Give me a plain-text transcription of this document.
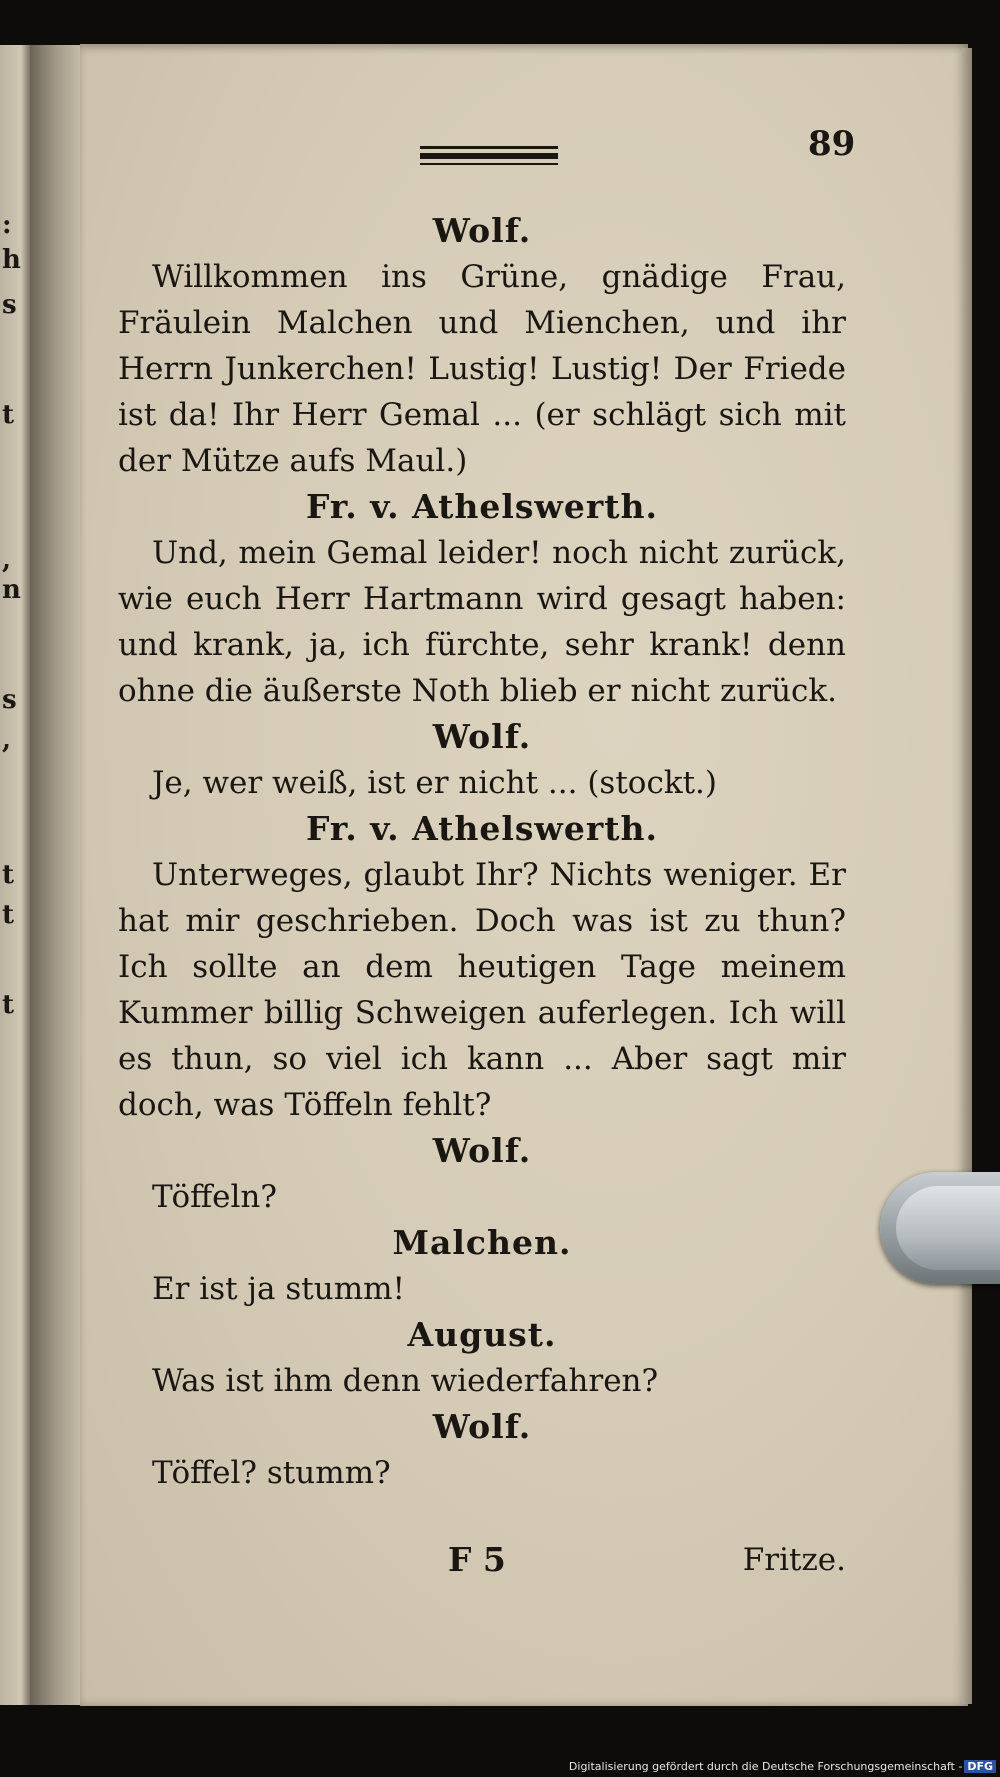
:
h
s
t
,
n
s
,
t
t
t
89
Wolf.
Willkommen ins Grüne, gnädige Frau, Fräulein Malchen und Mienchen, und ihr Herrn Junkerchen! Lustig! Lustig! Der Friede ist da! Ihr Herr Gemal ... (er schlägt sich mit der Mütze aufs Maul.)
Fr. v. Athelswerth.
Und, mein Gemal leider! noch nicht zurück, wie euch Herr Hartmann wird gesagt haben: und krank, ja, ich fürchte, sehr krank! denn ohne die äußerste Noth blieb er nicht zurück.
Wolf.
Je, wer weiß, ist er nicht ... (stockt.)
Fr. v. Athelswerth.
Unterweges, glaubt Ihr? Nichts weniger. Er hat mir geschrieben. Doch was ist zu thun? Ich sollte an dem heutigen Tage meinem Kummer billig Schweigen auferlegen. Ich will es thun, so viel ich kann ... Aber sagt mir doch, was Töffeln fehlt?
Wolf.
Töffeln?
Malchen.
Er ist ja stumm!
August.
Was ist ihm denn wiederfahren?
Wolf.
Töffel? stumm?
F 5	Fritze.
Digitalisierung gefördert durch die Deutsche Forschungsgemeinschaft - DFG
